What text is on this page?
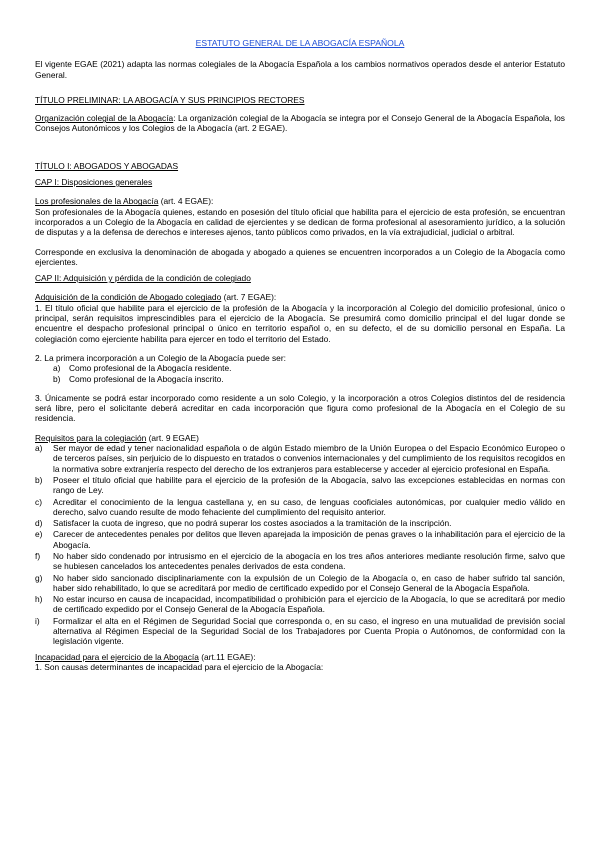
ESTATUTO GENERAL DE LA ABOGACÍA ESPAÑOLA

El vigente EGAE (2021) adapta las normas colegiales de la Abogacía Española a los cambios normativos operados desde el anterior Estatuto General.

TÍTULO PRELIMINAR: LA ABOGACÍA Y SUS PRINCIPIOS RECTORES

Organización colegial de la Abogacía: La organización colegial de la Abogacía se integra por el Consejo General de la Abogacía Española, los Consejos Autonómicos y los Colegios de la Abogacía (art. 2 EGAE).

TÍTULO I: ABOGADOS Y ABOGADAS
CAP I: Disposiciones generales

Los profesionales de la Abogacía (art. 4 EGAE):

Son profesionales de la Abogacía quienes, estando en posesión del título oficial que habilita para el ejercicio de esta profesión, se encuentran incorporados a un Colegio de la Abogacía en calidad de ejercientes y se dedican de forma profesional al asesoramiento jurídico, a la solución de disputas y a la defensa de derechos e intereses ajenos, tanto públicos como privados, en la vía extrajudicial, judicial o arbitral.

Corresponde en exclusiva la denominación de abogada y abogado a quienes se encuentren incorporados a un Colegio de la Abogacía como ejercientes.

CAP II: Adquisición y pérdida de la condición de colegiado

Adquisición de la condición de Abogado colegiado (art. 7 EGAE):

1. El título oficial que habilite para el ejercicio de la profesión de la Abogacía y la incorporación al Colegio del domicilio profesional, único o principal, serán requisitos imprescindibles para el ejercicio de la Abogacía. Se presumirá como domicilio principal el del lugar donde se encuentre el despacho profesional principal o único en territorio español o, en su defecto, el de su domicilio personal en España. La colegiación como ejerciente habilita para ejercer en todo el territorio del Estado.

2. La primera incorporación a un Colegio de la Abogacía puede ser:

a) Como profesional de la Abogacía residente.
b) Como profesional de la Abogacía inscrito.

3. Únicamente se podrá estar incorporado como residente a un solo Colegio, y la incorporación a otros Colegios distintos del de residencia será libre, pero el solicitante deberá acreditar en cada incorporación que figura como profesional de la Abogacía en el Colegio de su residencia.

Requisitos para la colegiación (art. 9 EGAE)

a) Ser mayor de edad y tener nacionalidad española o de algún Estado miembro de la Unión Europea o del Espacio Económico Europeo o de terceros países, sin perjuicio de lo dispuesto en tratados o convenios internacionales y del cumplimiento de los requisitos recogidos en la normativa sobre extranjería respecto del derecho de los extranjeros para establecerse y acceder al ejercicio profesional en España.
b) Poseer el título oficial que habilite para el ejercicio de la profesión de la Abogacía, salvo las excepciones establecidas en normas con rango de Ley.
c) Acreditar el conocimiento de la lengua castellana y, en su caso, de lenguas cooficiales autonómicas, por cualquier medio válido en derecho, salvo cuando resulte de modo fehaciente del cumplimiento del requisito anterior.
d) Satisfacer la cuota de ingreso, que no podrá superar los costes asociados a la tramitación de la inscripción.
e) Carecer de antecedentes penales por delitos que lleven aparejada la imposición de penas graves o la inhabilitación para el ejercicio de la Abogacía.
f) No haber sido condenado por intrusismo en el ejercicio de la abogacía en los tres años anteriores mediante resolución firme, salvo que se hubiesen cancelados los antecedentes penales derivados de esta condena.
g) No haber sido sancionado disciplinariamente con la expulsión de un Colegio de la Abogacía o, en caso de haber sufrido tal sanción, haber sido rehabilitado, lo que se acreditará por medio de certificado expedido por el Consejo General de la Abogacía Española.
h) No estar incurso en causa de incapacidad, incompatibilidad o prohibición para el ejercicio de la Abogacía, lo que se acreditará por medio de certificado expedido por el Consejo General de la Abogacía Española.
i) Formalizar el alta en el Régimen de Seguridad Social que corresponda o, en su caso, el ingreso en una mutualidad de previsión social alternativa al Régimen Especial de la Seguridad Social de los Trabajadores por Cuenta Propia o Autónomos, de conformidad con la legislación vigente.

Incapacidad para el ejercicio de la Abogacía (art.11 EGAE):

1. Son causas determinantes de incapacidad para el ejercicio de la Abogacía:
